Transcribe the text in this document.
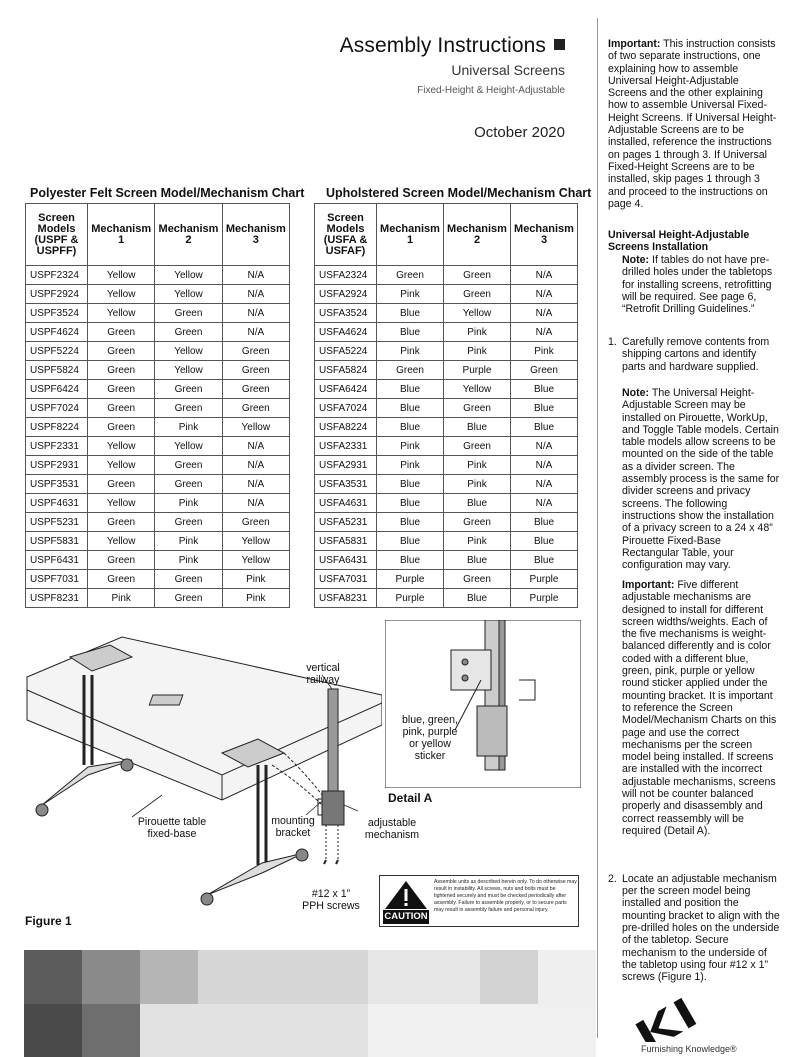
Assembly Instructions
Universal Screens
Fixed-Height & Height-Adjustable
October 2020
Polyester Felt Screen Model/Mechanism Chart
Screen Models (USPF & USPFF)	Mechanism 1	Mechanism 2	Mechanism 3
USPF2324	Yellow	Yellow	N/A
USPF2924	Yellow	Yellow	N/A
USPF3524	Yellow	Green	N/A
USPF4624	Green	Green	N/A
USPF5224	Green	Yellow	Green
USPF5824	Green	Yellow	Green
USPF6424	Green	Green	Green
USPF7024	Green	Green	Green
USPF8224	Green	Pink	Yellow
USPF2331	Yellow	Yellow	N/A
USPF2931	Yellow	Green	N/A
USPF3531	Green	Green	N/A
USPF4631	Yellow	Pink	N/A
USPF5231	Green	Green	Green
USPF5831	Yellow	Pink	Yellow
USPF6431	Green	Pink	Yellow
USPF7031	Green	Green	Pink
USPF8231	Pink	Green	Pink
Upholstered Screen Model/Mechanism Chart
Screen Models (USFA & USFAF)	Mechanism 1	Mechanism 2	Mechanism 3
USFA2324	Green	Green	N/A
USFA2924	Pink	Green	N/A
USFA3524	Blue	Yellow	N/A
USFA4624	Blue	Pink	N/A
USFA5224	Pink	Pink	Pink
USFA5824	Green	Purple	Green
USFA6424	Blue	Yellow	Blue
USFA7024	Blue	Green	Blue
USFA8224	Blue	Blue	Blue
USFA2331	Pink	Green	N/A
USFA2931	Pink	Pink	N/A
USFA3531	Blue	Pink	N/A
USFA4631	Blue	Blue	N/A
USFA5231	Blue	Green	Blue
USFA5831	Blue	Pink	Blue
USFA6431	Blue	Blue	Blue
USFA7031	Purple	Green	Purple
USFA8231	Purple	Blue	Purple

Important: This instruction consists of two separate instructions, one explaining how to assemble Universal Height-Adjustable Screens and the other explaining how to assemble Universal Fixed-Height Screens. If Universal Height-Adjustable Screens are to be installed, reference the instructions on pages 1 through 3. If Universal Fixed-Height Screens are to be installed, skip pages 1 through 3 and proceed to the instructions on page 4.

Universal Height-Adjustable Screens Installation

Note: If tables do not have pre-drilled holes under the tabletops for installing screens, retrofitting will be required. See page 6, “Retrofit Drilling Guidelines.”

1. Carefully remove contents from shipping cartons and identify parts and hardware supplied.

Note: The Universal Height-Adjustable Screen may be installed on Pirouette, WorkUp, and Toggle Table models. Certain table models allow screens to be mounted on the side of the table as a divider screen. The assembly process is the same for divider screens and privacy screens. The following instructions show the installation of a privacy screen to a 24 x 48” Pirouette Fixed-Base Rectangular Table, your configuration may vary.

Important: Five different adjustable mechanisms are designed to install for different screen widths/weights. Each of the five mechanisms is weight-balanced differently and is color coded with a different blue, green, pink, purple or yellow round sticker applied under the mounting bracket. It is important to reference the Screen Model/Mechanism Charts on this page and use the correct mechanisms per the screen model being installed. If screens are installed with the incorrect adjustable mechanisms, screens will not be counter balanced properly and disassembly and correct reassembly will be required (Detail A).

2. Locate an adjustable mechanism per the screen model being installed and position the mounting bracket to align with the pre-drilled holes on the underside of the tabletop. Secure mechanism to the underside of the tabletop using four #12 x 1” screws (Figure 1).

vertical railway
Pirouette table fixed-base
mounting bracket
adjustable mechanism
#12 x 1” PPH screws
Figure 1
blue, green, pink, purple or yellow sticker
Detail A
CAUTION
Assemble units as described herein only. To do otherwise may result in instability. All screws, nuts and bolts must be tightened securely and must be checked periodically after assembly. Failure to assemble properly, or to secure parts may result in assembly failure and personal injury.
Furnishing Knowledge®
